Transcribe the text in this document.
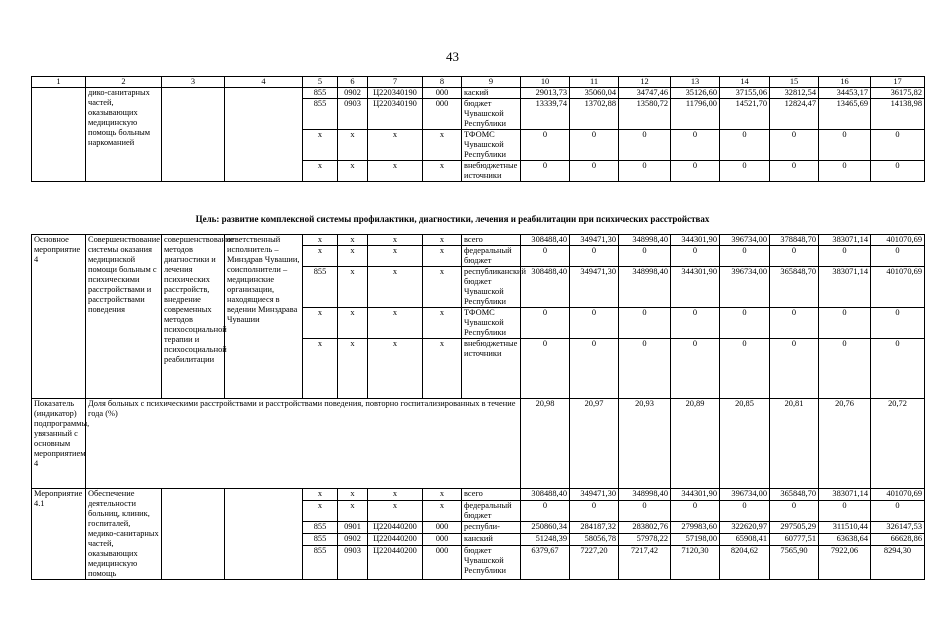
43
1	2	3	4	5	6	7	8	9	10	11	12	13	14	15	16	17
	дико-санитарных частей, оказывающих медицинскую помощь больным наркоманией			855	0902	Ц220340190	000	каский	29013,73	35060,04	34747,46	35126,60	37155,06	32812,54	34453,17	36175,82
				855	0903	Ц220340190	000	бюджет Чувашской Республики	13339,74	13702,88	13580,72	11796,00	14521,70	12824,47	13465,69	14138,98
				x	x	x	x	ТФОМС Чувашской Республики	0	0	0	0	0	0	0	0
				x	x	x	x	внебюджетные источники	0	0	0	0	0	0	0	0
Цель: развитие комплексной системы профилактики, диагностики, лечения и реабилитации при психических расстройствах
Основное мероприятие 4	Совершенствование системы оказания медицинской помощи больным с психическими расстройствами и расстройствами поведения	совершенствование методов диагностики и лечения психических расстройств, внедрение современных методов психосоциальной терапии и психосоциальной реабилитации	ответственный исполнитель – Минздрав Чувашии, соисполнители – медицинские организации, находящиеся в ведении Минздрава Чувашии	x	x	x	x	всего	308488,40	349471,30	348998,40	344301,90	396734,00	378848,70	383071,14	401070,69
				x	x	x	x	федеральный бюджет	0	0	0	0	0	0	0	0
				855	x	x	x	республиканский бюджет Чувашской Республики	308488,40	349471,30	348998,40	344301,90	396734,00	365848,70	383071,14	401070,69
				x	x	x	x	ТФОМС Чувашской Республики	0	0	0	0	0	0	0	0
				x	x	x	x	внебюджетные источники	0	0	0	0	0	0	0	0
Показатель (индикатор) подпрограммы, увязанный с основным мероприятием 4	Доля больных с психическими расстройствами и расстройствами поведения, повторно госпитализированных в течение года (%)								20,98	20,97	20,93	20,89	20,85	20,81	20,76	20,72
Мероприятие 4.1	Обеспечение деятельности больниц, клиник, госпиталей, медико-санитарных частей, оказывающих медицинскую помощь			x	x	x	x	всего	308488,40	349471,30	348998,40	344301,90	396734,00	365848,70	383071,14	401070,69
				x	x	x	x	федеральный бюджет	0	0	0	0	0	0	0	0
				855	0901	Ц220440200	000	республи-	250860,34	284187,32	283802,76	279983,60	322620,97	297505,29	311510,44	326147,53
				855	0902	Ц220440200	000	канский	51248,39	58056,78	57978,22	57198,00	65908,41	60777,51	63638,64	66628,86
				855	0903	Ц220440200	000	бюджет Чувашской Республики	6379,67	7227,20	7217,42	7120,30	8204,62	7565,90	7922,06	8294,30
